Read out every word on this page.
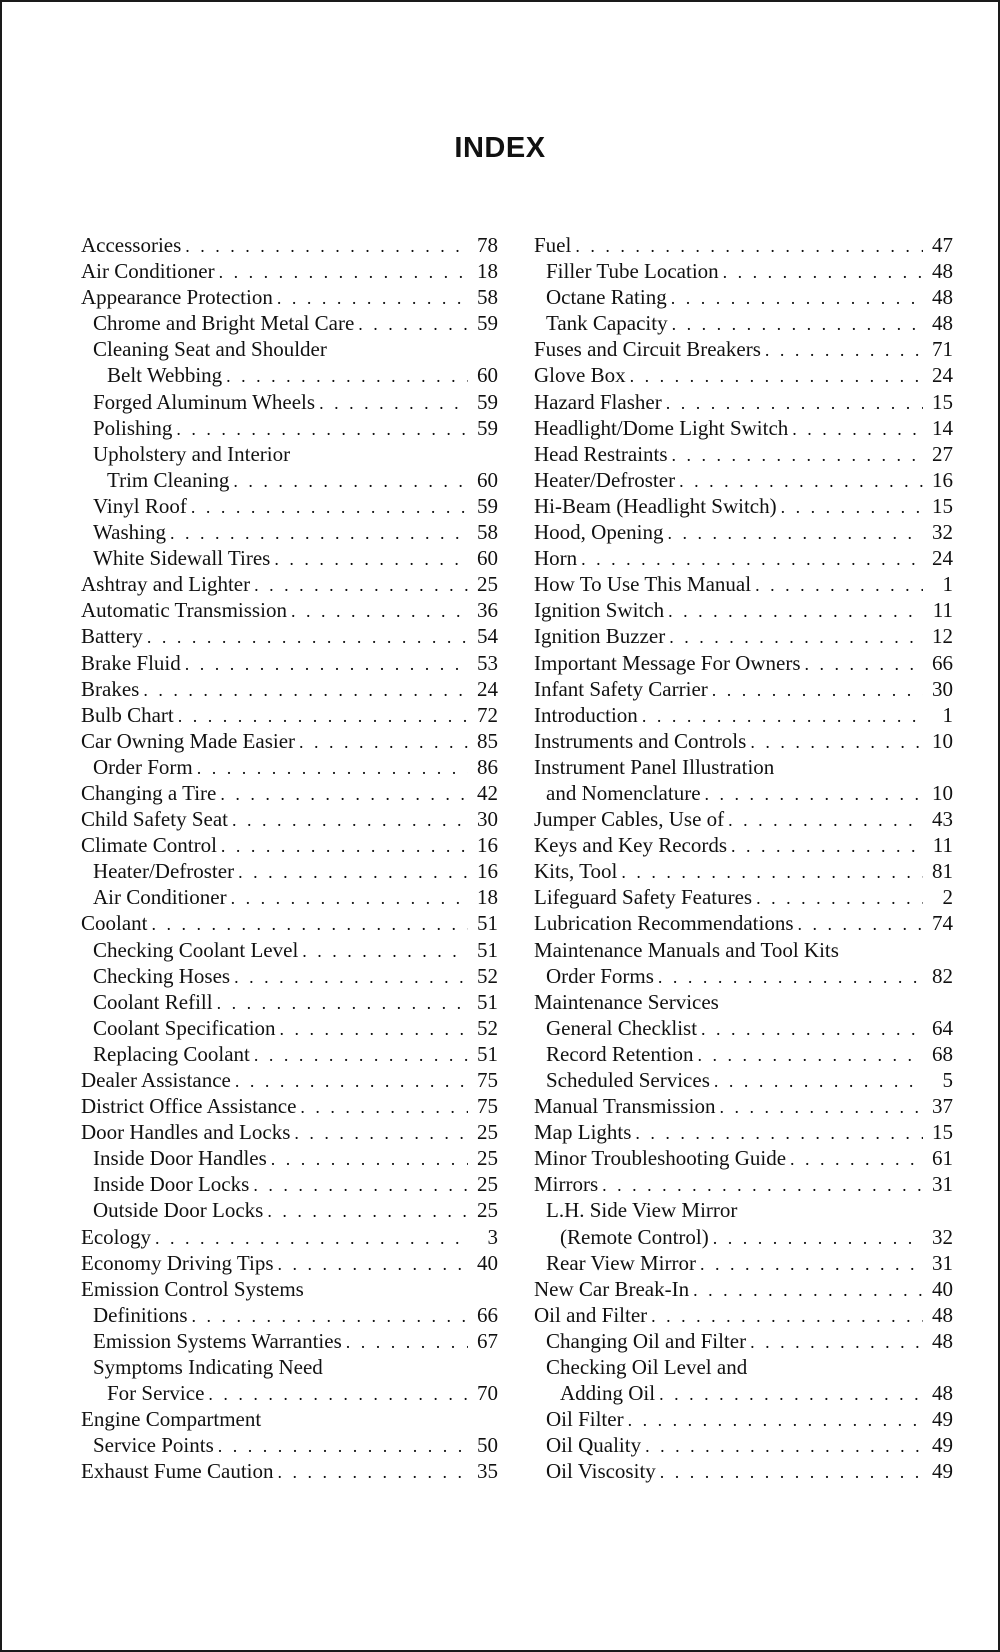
INDEX
Accessories . . .	78
Air Conditioner . . .	18
Appearance Protection . . .	58
Chrome and Bright Metal Care . . .	59
Cleaning Seat and Shoulder
Belt Webbing . . .	60
Forged Aluminum Wheels . . .	59
Polishing . . .	59
Upholstery and Interior
Trim Cleaning . . .	60
Vinyl Roof . . .	59
Washing . . .	58
White Sidewall Tires . . .	60
Ashtray and Lighter . . .	25
Automatic Transmission . . .	36
Battery . . .	54
Brake Fluid . . .	53
Brakes . . .	24
Bulb Chart . . .	72
Car Owning Made Easier . . .	85
Order Form . . .	86
Changing a Tire . . .	42
Child Safety Seat . . .	30
Climate Control . . .	16
Heater/Defroster . . .	16
Air Conditioner . . .	18
Coolant . . .	51
Checking Coolant Level . . .	51
Checking Hoses . . .	52
Coolant Refill . . .	51
Coolant Specification . . .	52
Replacing Coolant . . .	51
Dealer Assistance . . .	75
District Office Assistance . . .	75
Door Handles and Locks . . .	25
Inside Door Handles . . .	25
Inside Door Locks . . .	25
Outside Door Locks . . .	25
Ecology . . .	3
Economy Driving Tips . . .	40
Emission Control Systems
Definitions . . .	66
Emission Systems Warranties . . .	67
Symptoms Indicating Need
For Service . . .	70
Engine Compartment
Service Points . . .	50
Exhaust Fume Caution . . .	35
Fuel . . .	47
Filler Tube Location . . .	48
Octane Rating . . .	48
Tank Capacity . . .	48
Fuses and Circuit Breakers . . .	71
Glove Box . . .	24
Hazard Flasher . . .	15
Headlight/Dome Light Switch . . .	14
Head Restraints . . .	27
Heater/Defroster . . .	16
Hi-Beam (Headlight Switch) . . .	15
Hood, Opening . . .	32
Horn . . .	24
How To Use This Manual . . .	1
Ignition Switch . . .	11
Ignition Buzzer . . .	12
Important Message For Owners . . .	66
Infant Safety Carrier . . .	30
Introduction . . .	1
Instruments and Controls . . .	10
Instrument Panel Illustration
and Nomenclature . . .	10
Jumper Cables, Use of . . .	43
Keys and Key Records . . .	11
Kits, Tool . . .	81
Lifeguard Safety Features . . .	2
Lubrication Recommendations . . .	74
Maintenance Manuals and Tool Kits
Order Forms . . .	82
Maintenance Services
General Checklist . . .	64
Record Retention . . .	68
Scheduled Services . . .	5
Manual Transmission . . .	37
Map Lights . . .	15
Minor Troubleshooting Guide . . .	61
Mirrors . . .	31
L.H. Side View Mirror
(Remote Control) . . .	32
Rear View Mirror . . .	31
New Car Break-In . . .	40
Oil and Filter . . .	48
Changing Oil and Filter . . .	48
Checking Oil Level and
Adding Oil . . .	48
Oil Filter . . .	49
Oil Quality . . .	49
Oil Viscosity . . .	49
